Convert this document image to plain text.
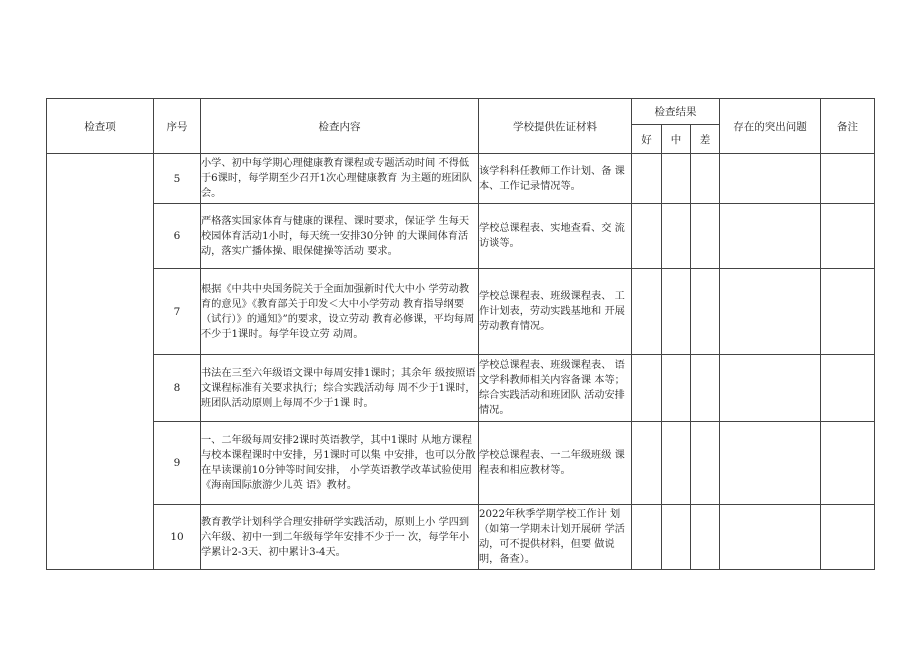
检查项	序号	检查内容	学校提供佐证材料	检查结果			存在的突出问题	备注
				好	中	差		
	5	小学、初中每学期心理健康教育课程或专题活动时间 不得低于6课时，每学期至少召开1次心理健康教育 为主题的班团队会。	该学科科任教师工作计划、备 课本、工作记录情况等。					
	6	严格落实国家体育与健康的课程、课时要求，保证学 生每天校园体育活动1小时，每天统一安排30分钟 的大课间体育活动，落实广播体操、眼保健操等活动 要求。	学校总课程表、实地查看、交 流访谈等。					
	7	根据《中共中央国务院关于全面加强新时代大中小 学劳动教育的意见》《教育部关于印发＜大中小学劳动 教育指导纲要（试行）》的通知》”的要求，设立劳动 教育必修课，平均每周不少于1课时。每学年设立劳 动周。	学校总课程表、班级课程表、 工作计划表，劳动实践基地和 开展劳动教育情况。					
	8	书法在三至六年级语文课中每周安排1课时；其余年 级按照语文课程标准有关要求执行；综合实践活动每 周不少于1课时，班团队活动原则上每周不少于1课 时。	学校总课程表、班级课程表、 语文学科教师相关内容备课 本等；综合实践活动和班团队 活动安排情况。					
	9	一、二年级每周安排2课时英语教学，其中1课时 从地方课程与校本课程课时中安排，另1课时可以集 中安排，也可以分散在早读课前10分钟等时间安排， 小学英语教学改革试验使用《海南国际旅游少儿英 语》教材。	学校总课程表、一二年级班级 课程表和相应教材等。					
	10	教育教学计划科学合理安排研学实践活动，原则上小 学四到六年级、初中一到二年级每学年安排不少于一 次，每学年小学累计2-3天、初中累计3-4天。	2022年秋季学期学校工作计 划（如第一学期未计划开展研 学活动，可不提供材料，但要 做说明，备查）。					
